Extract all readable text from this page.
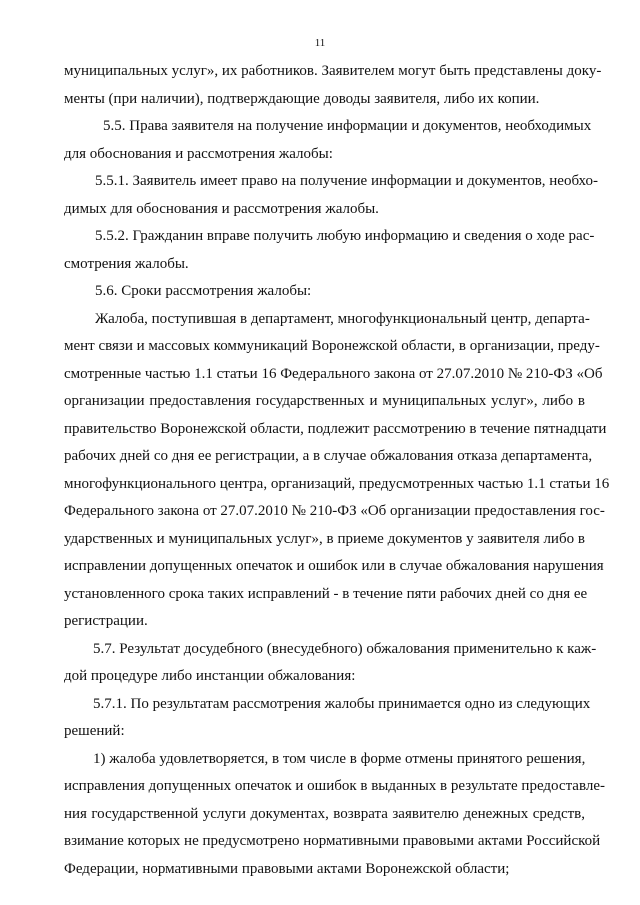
11
муниципальных услуг», их работников. Заявителем могут быть представлены доку-
менты (при наличии), подтверждающие доводы заявителя, либо их копии.
5.5. Права заявителя на получение информации и документов, необходимых
для обоснования и рассмотрения жалобы:
5.5.1. Заявитель имеет право на получение информации и документов, необхо-
димых для обоснования и рассмотрения жалобы.
5.5.2. Гражданин вправе получить любую информацию и сведения о ходе рас-
смотрения жалобы.
5.6. Сроки рассмотрения жалобы:
Жалоба, поступившая в департамент, многофункциональный центр, департа-
мент связи и массовых коммуникаций Воронежской области, в организации, преду-
смотренные частью 1.1 статьи 16 Федерального закона от 27.07.2010 № 210-ФЗ «Об
организации предоставления государственных и муниципальных услуг», либо в
правительство Воронежской области, подлежит рассмотрению в течение пятнадцати
рабочих дней со дня ее регистрации, а в случае обжалования отказа департамента,
многофункционального центра, организаций, предусмотренных частью 1.1 статьи 16
Федерального закона от 27.07.2010 № 210-ФЗ «Об организации предоставления гос-
ударственных и муниципальных услуг», в приеме документов у заявителя либо в
исправлении допущенных опечаток и ошибок или в случае обжалования нарушения
установленного срока таких исправлений - в течение пяти рабочих дней со дня ее
регистрации.
5.7. Результат досудебного (внесудебного) обжалования применительно к каж-
дой процедуре либо инстанции обжалования:
5.7.1. По результатам рассмотрения жалобы принимается одно из следующих
решений:
1) жалоба удовлетворяется, в том числе в форме отмены принятого решения,
исправления допущенных опечаток и ошибок в выданных в результате предоставле-
ния государственной услуги документах, возврата заявителю денежных средств,
взимание которых не предусмотрено нормативными правовыми актами Российской
Федерации, нормативными правовыми актами Воронежской области;
